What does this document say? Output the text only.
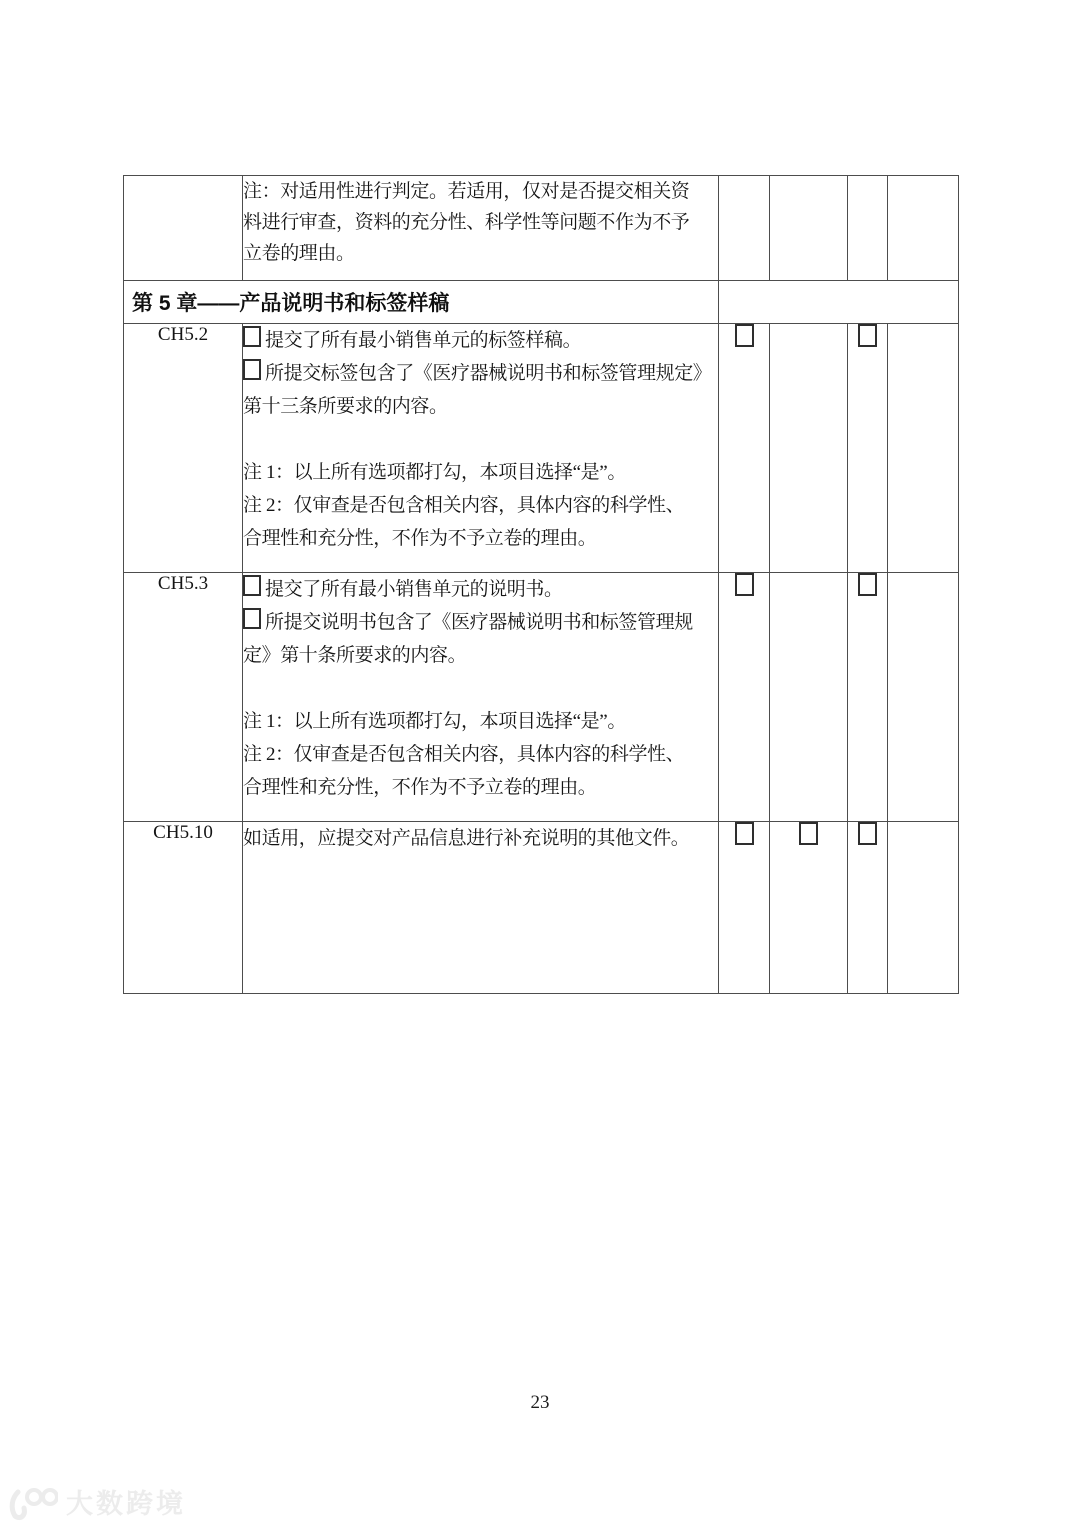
	注：对适用性进行判定。若适用，仅对是否提交相关资
料进行审查，资料的充分性、科学性等问题不作为不予
立卷的理由。				

第 5 章——产品说明书和标签样稿					

CH5.2	提交了所有最小销售单元的标签样稿。
所提交标签包含了《医疗器械说明书和标签管理规定》
第十三条所要求的内容。
注 1：以上所有选项都打勾，本项目选择“是”。
注 2：仅审查是否包含相关内容，具体内容的科学性、
合理性和充分性，不作为不予立卷的理由。

CH5.3	提交了所有最小销售单元的说明书。
所提交说明书包含了《医疗器械说明书和标签管理规
定》第十条所要求的内容。
注 1：以上所有选项都打勾，本项目选择“是”。
注 2：仅审查是否包含相关内容，具体内容的科学性、
合理性和充分性，不作为不予立卷的理由。

CH5.10	如适用，应提交对产品信息进行补充说明的其他文件。				

23
大数跨境
